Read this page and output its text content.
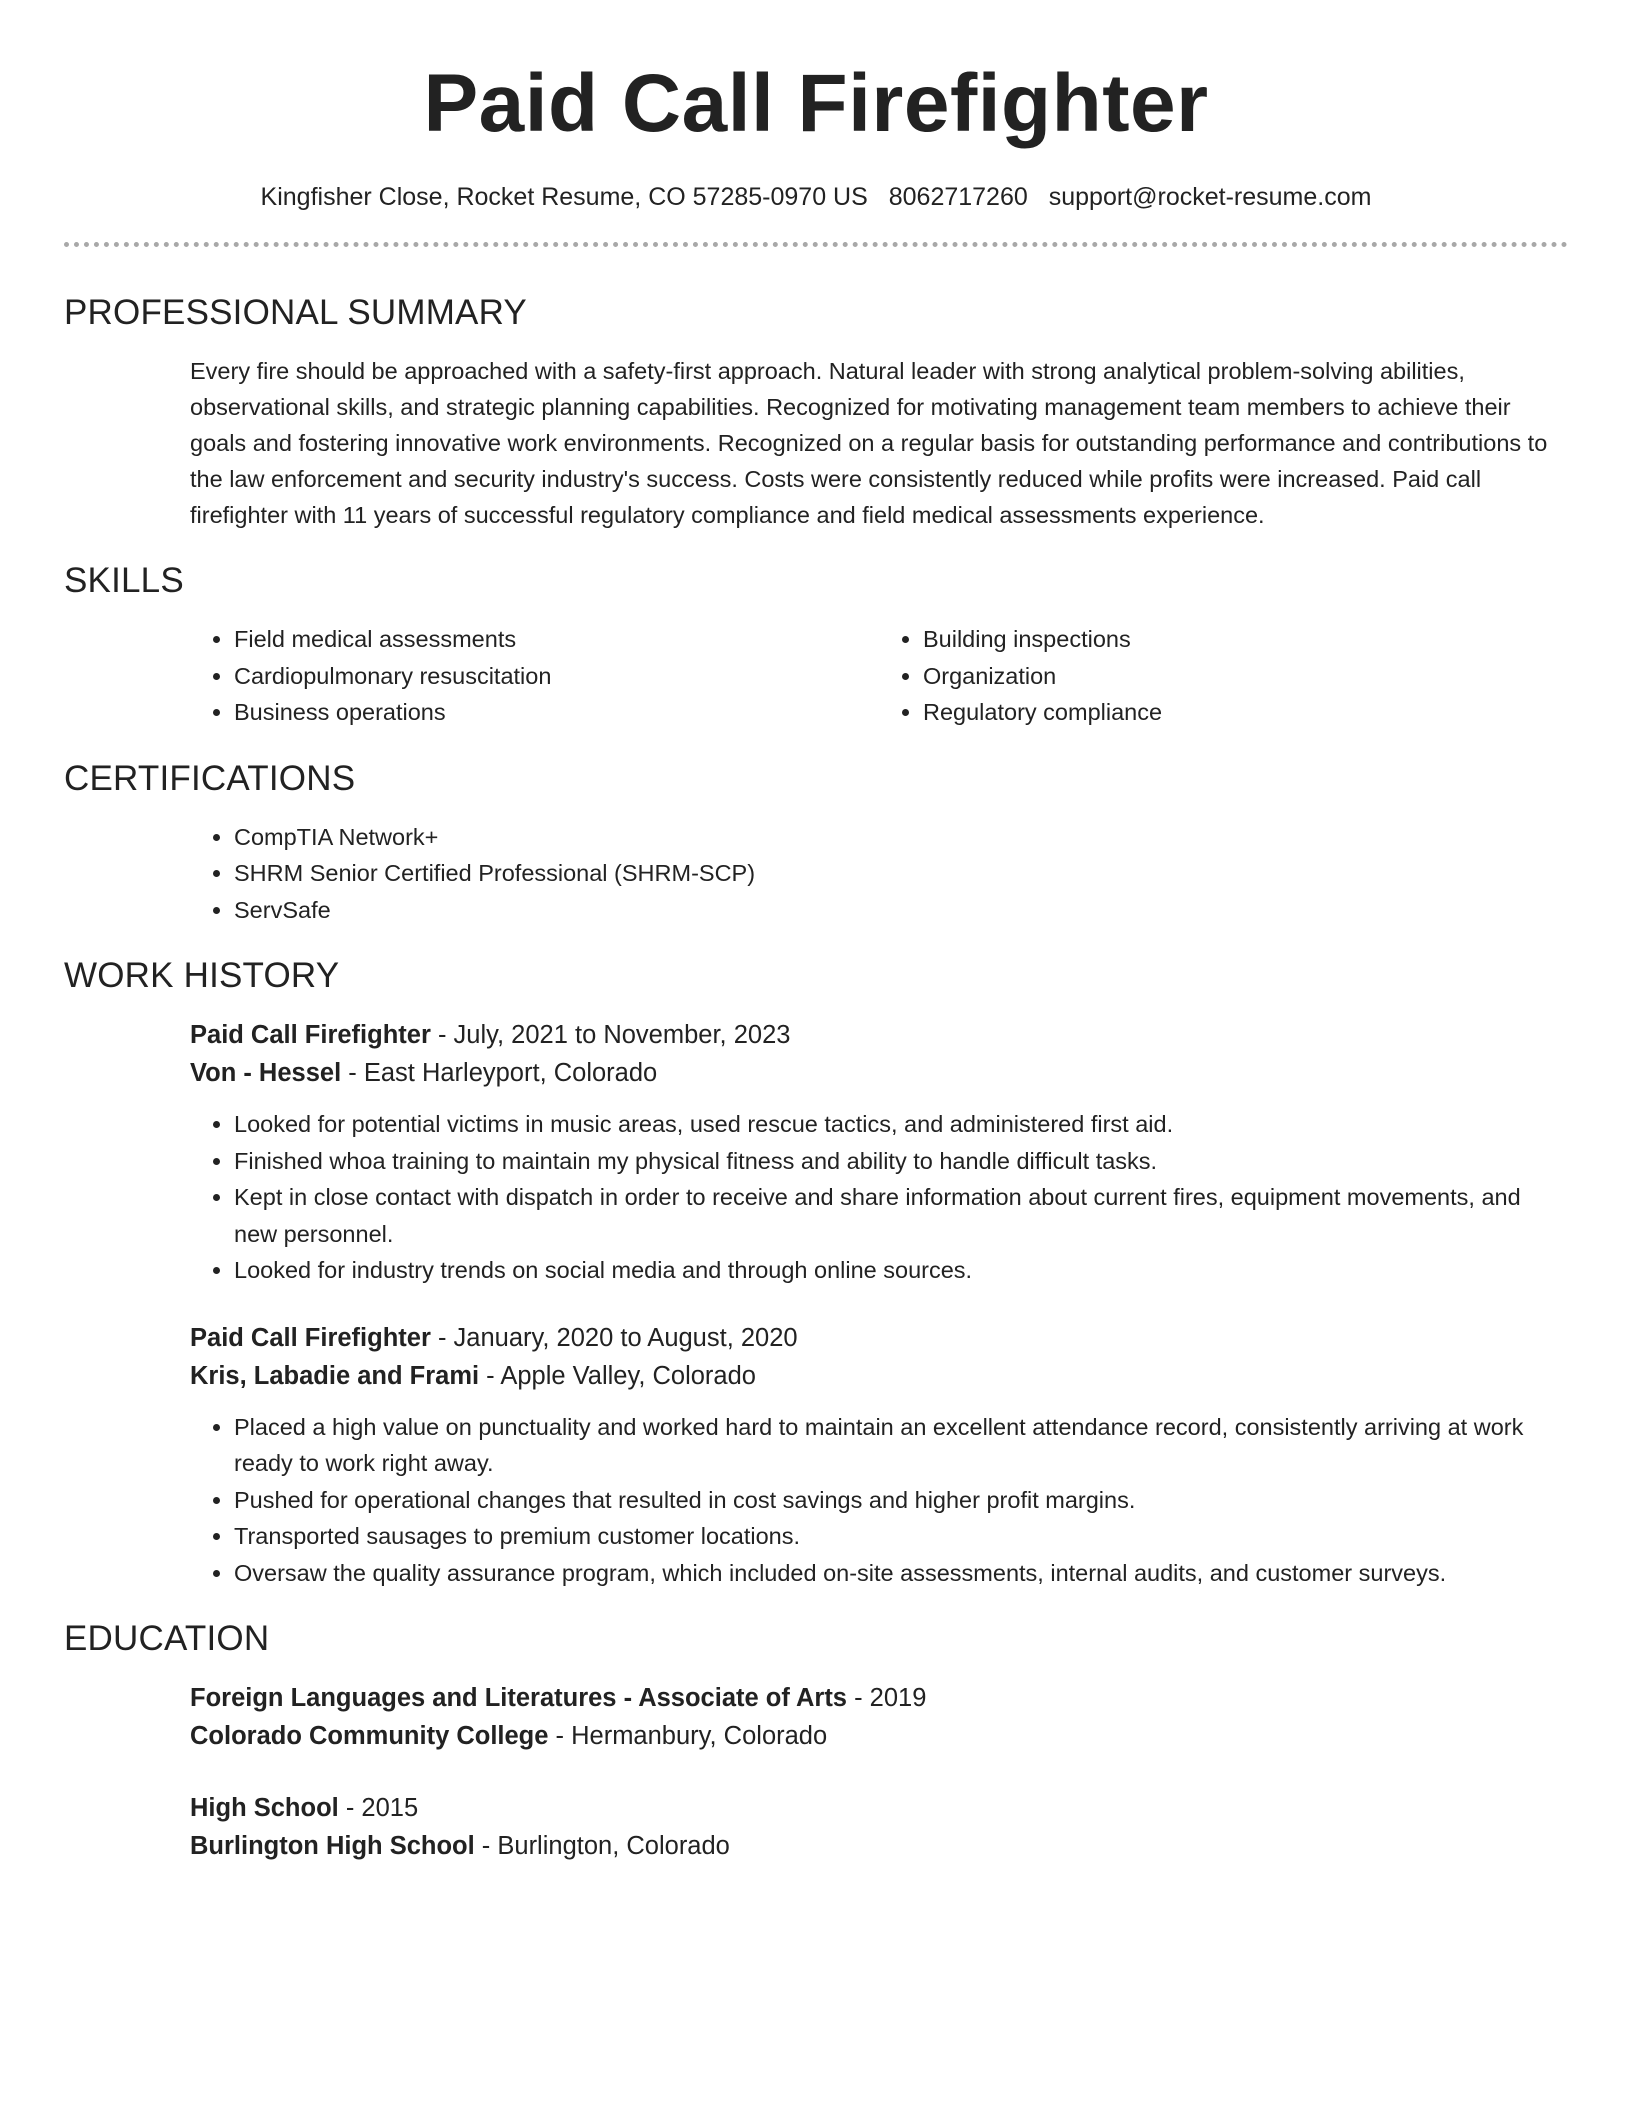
Paid Call Firefighter
Kingfisher Close, Rocket Resume, CO 57285-0970 US 8062717260 support@rocket-resume.com
PROFESSIONAL SUMMARY

Every fire should be approached with a safety-first approach. Natural leader with strong analytical problem-solving abilities, observational skills, and strategic planning capabilities. Recognized for motivating management team members to achieve their goals and fostering innovative work environments. Recognized on a regular basis for outstanding performance and contributions to the law enforcement and security industry's success. Costs were consistently reduced while profits were increased. Paid call firefighter with 11 years of successful regulatory compliance and field medical assessments experience.

SKILLS
• Field medical assessments
• Cardiopulmonary resuscitation
• Business operations
• Building inspections
• Organization
• Regulatory compliance
CERTIFICATIONS
• CompTIA Network+
• SHRM Senior Certified Professional (SHRM-SCP)
• ServSafe
WORK HISTORY
Paid Call Firefighter - July, 2021 to November, 2023
Von - Hessel - East Harleyport, Colorado
• Looked for potential victims in music areas, used rescue tactics, and administered first aid.
• Finished whoa training to maintain my physical fitness and ability to handle difficult tasks.
• Kept in close contact with dispatch in order to receive and share information about current fires, equipment movements, and new personnel.
• Looked for industry trends on social media and through online sources.
Paid Call Firefighter - January, 2020 to August, 2020
Kris, Labadie and Frami - Apple Valley, Colorado
• Placed a high value on punctuality and worked hard to maintain an excellent attendance record, consistently arriving at work ready to work right away.
• Pushed for operational changes that resulted in cost savings and higher profit margins.
• Transported sausages to premium customer locations.
• Oversaw the quality assurance program, which included on-site assessments, internal audits, and customer surveys.
EDUCATION
Foreign Languages and Literatures - Associate of Arts - 2019
Colorado Community College - Hermanbury, Colorado
High School - 2015
Burlington High School - Burlington, Colorado
